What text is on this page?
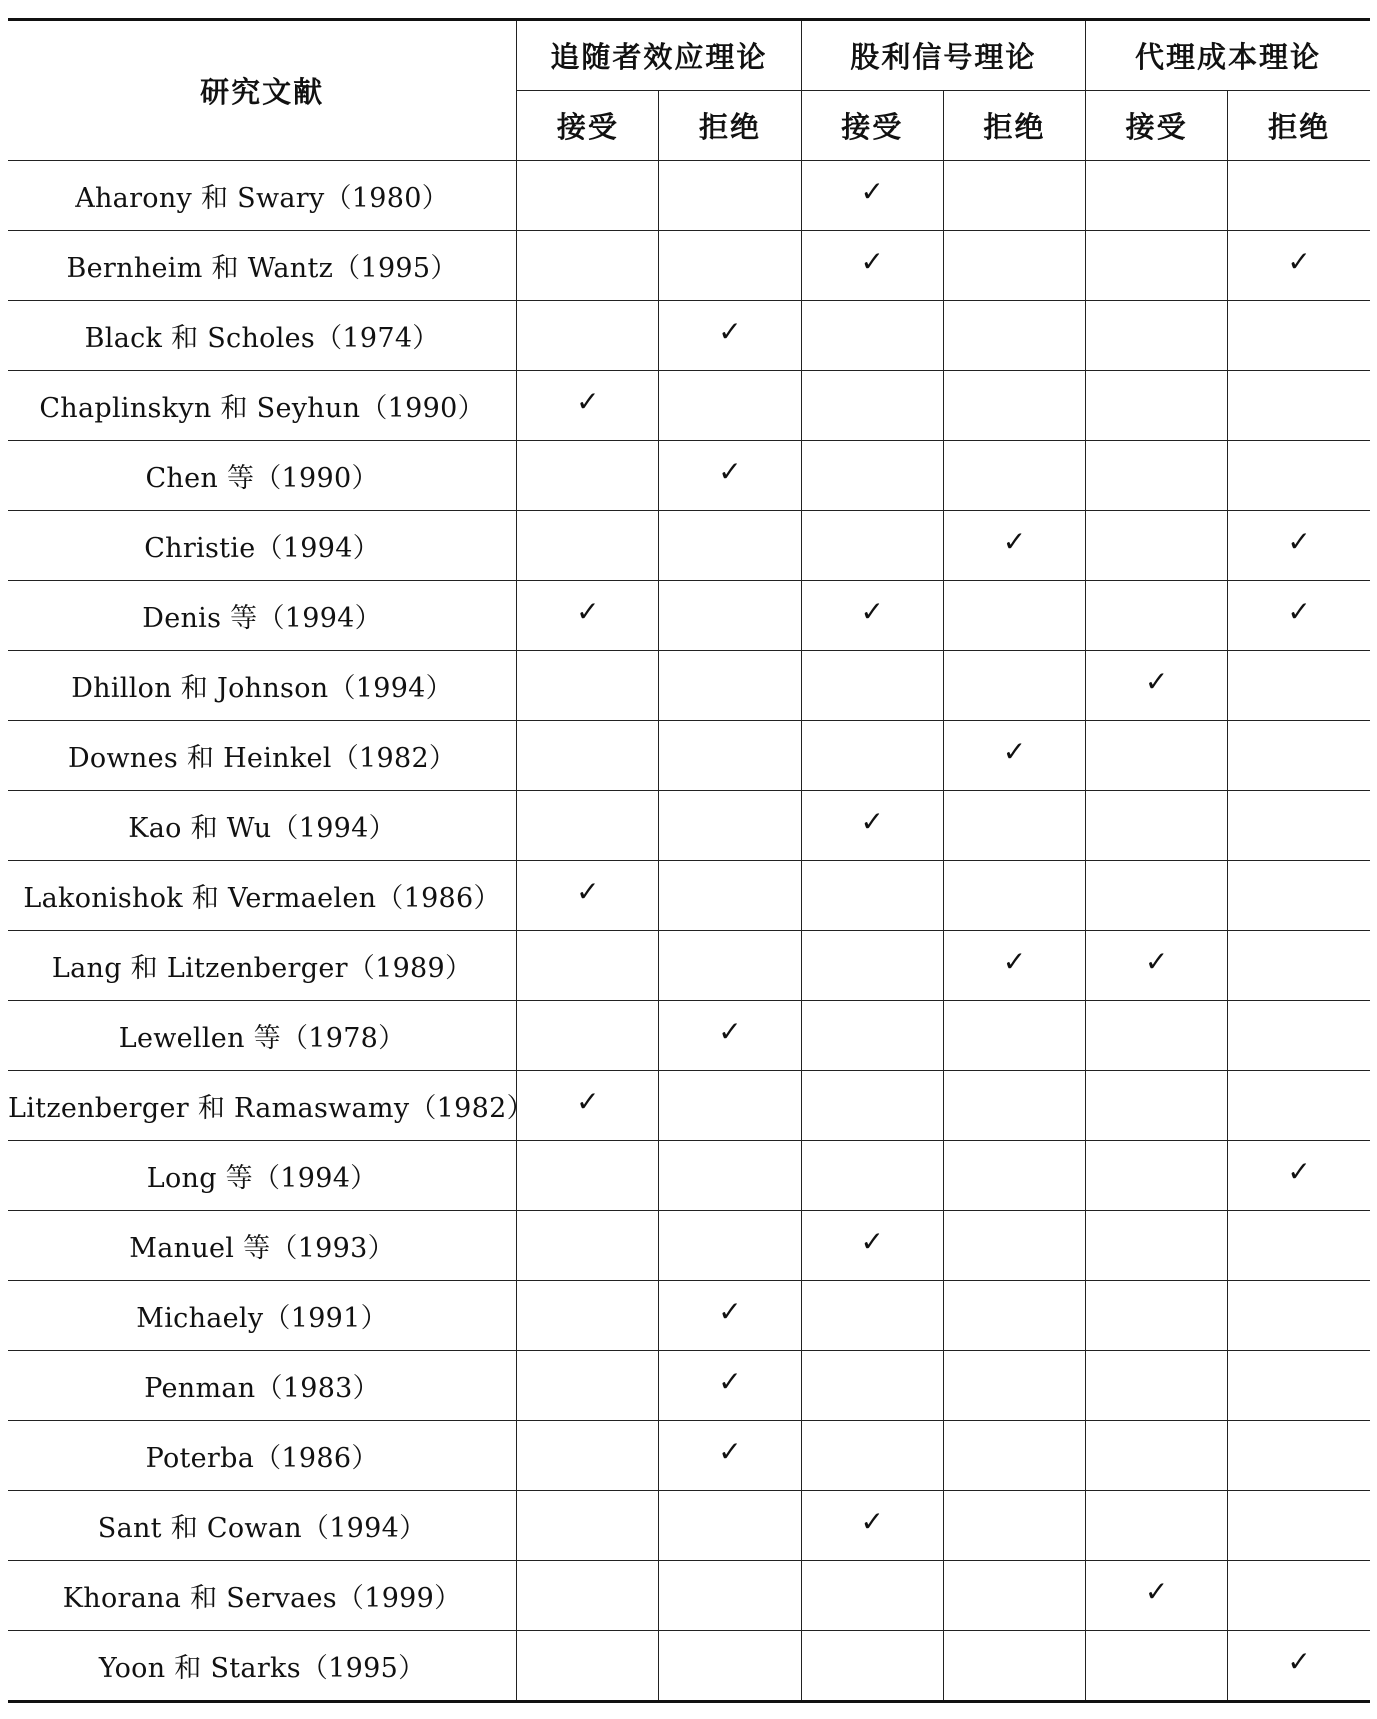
研究文献	追随者效应理论		股利信号理论		代理成本理论	
	接受	拒绝	接受	拒绝	接受	拒绝
Aharony 和 Swary（1980）			✓			
Bernheim 和 Wantz（1995）			✓			✓
Black 和 Scholes（1974）		✓				
Chaplinskyn 和 Seyhun（1990）	✓					
Chen 等（1990）		✓				
Christie（1994）				✓		✓
Denis 等（1994）	✓		✓			✓
Dhillon 和 Johnson（1994）					✓	
Downes 和 Heinkel（1982）				✓		
Kao 和 Wu（1994）			✓			
Lakonishok 和 Vermaelen（1986）	✓					
Lang 和 Litzenberger（1989）				✓	✓	
Lewellen 等（1978）		✓				
Litzenberger 和 Ramaswamy（1982）	✓					
Long 等（1994）						✓
Manuel 等（1993）			✓			
Michaely（1991）		✓				
Penman（1983）		✓				
Poterba（1986）		✓				
Sant 和 Cowan（1994）			✓			
Khorana 和 Servaes（1999）					✓	
Yoon 和 Starks（1995）						✓
